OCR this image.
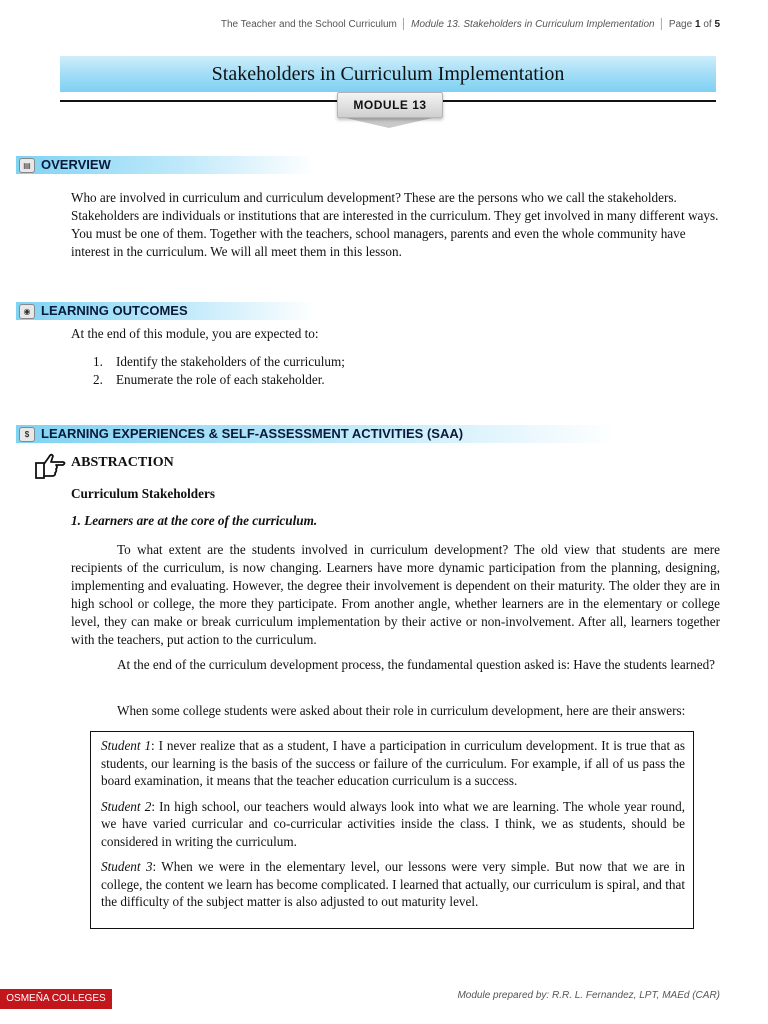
The Teacher and the School Curriculum │ Module 13. Stakeholders in Curriculum Implementation │ Page 1 of 5
Stakeholders in Curriculum Implementation
MODULE 13
▤ OVERVIEW

Who are involved in curriculum and curriculum development? These are the persons who we call the stakeholders. Stakeholders are individuals or institutions that are interested in the curriculum. They get involved in many different ways. You must be one of them. Together with the teachers, school managers, parents and even the whole community have interest in the curriculum. We will all meet them in this lesson.

◉ LEARNING OUTCOMES

At the end of this module, you are expected to:

1. Identify the stakeholders of the curriculum;
2. Enumerate the role of each stakeholder.
$ LEARNING EXPERIENCES & SELF-ASSESSMENT ACTIVITIES (SAA)
ABSTRACTION

Curriculum Stakeholders

1. Learners are at the core of the curriculum.

To what extent are the students involved in curriculum development? The old view that students are mere recipients of the curriculum, is now changing. Learners have more dynamic participation from the planning, designing, implementing and evaluating. However, the degree their involvement is dependent on their maturity. The older they are in high school or college, the more they participate. From another angle, whether learners are in the elementary or college level, they can make or break curriculum implementation by their active or non-involvement. After all, learners together with the teachers, put action to the curriculum.

At the end of the curriculum development process, the fundamental question asked is: Have the students learned?

When some college students were asked about their role in curriculum development, here are their answers:

Student 1: I never realize that as a student, I have a participation in curriculum development. It is true that as students, our learning is the basis of the success or failure of the curriculum. For example, if all of us pass the board examination, it means that the teacher education curriculum is a success.

Student 2: In high school, our teachers would always look into what we are learning. The whole year round, we have varied curricular and co-curricular activities inside the class. I think, we as students, should be considered in writing the curriculum.

Student 3: When we were in the elementary level, our lessons were very simple. But now that we are in college, the content we learn has become complicated. I learned that actually, our curriculum is spiral, and that the difficulty of the subject matter is also adjusted to out maturity level.

OSMEÑA COLLEGES	Module prepared by: R.R. L. Fernandez, LPT, MAEd (CAR)
